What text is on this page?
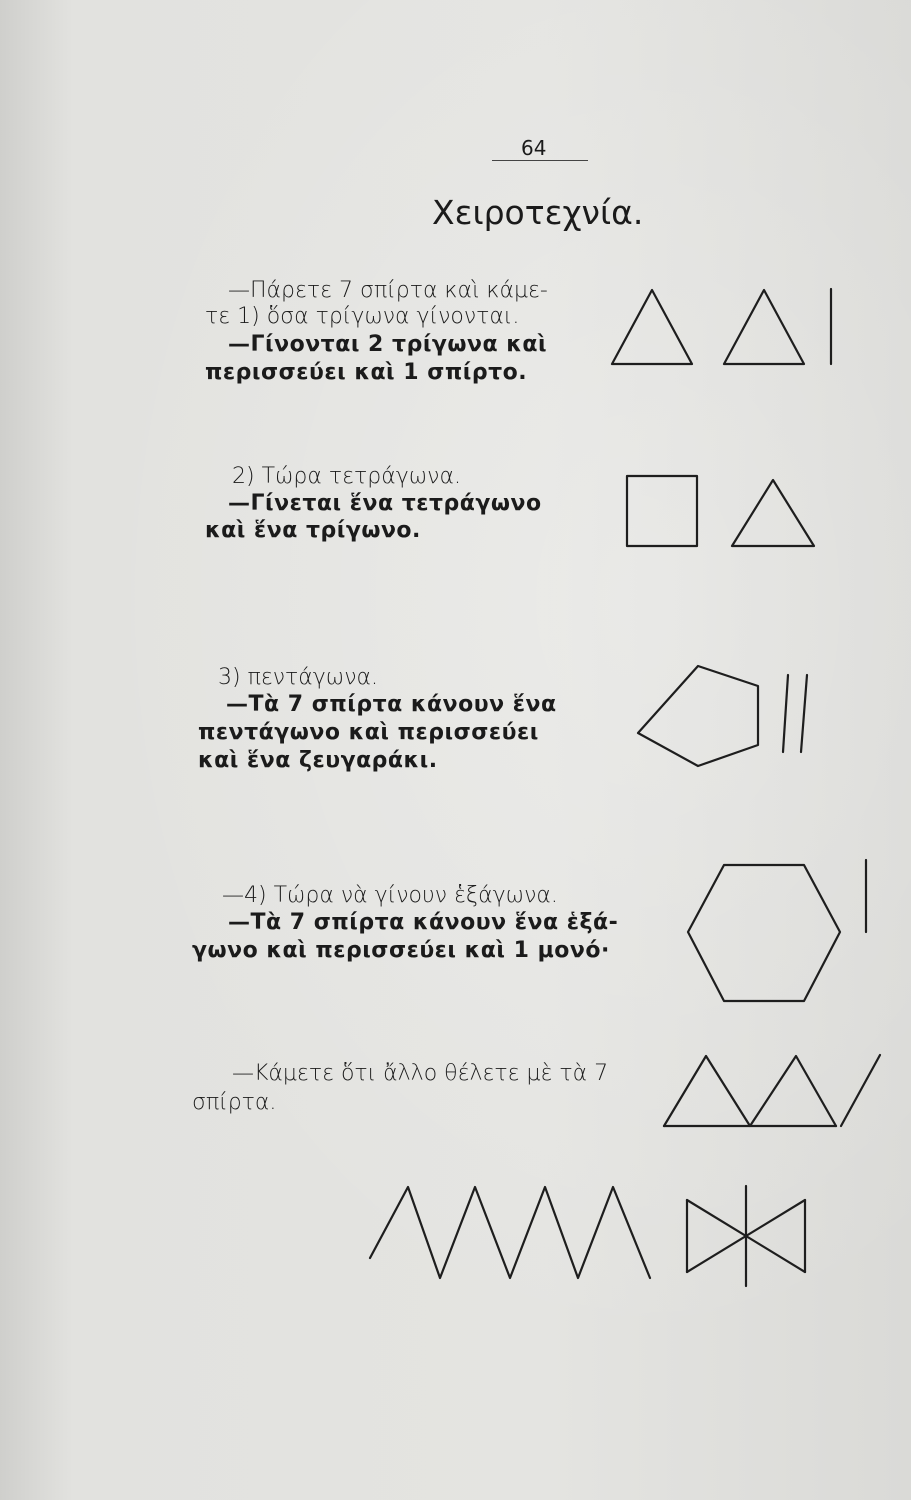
64

Χειροτεχνία.

—Πάρετε 7 σπίρτα καὶ κάμε-

τε 1) ὅσα τρίγωνα γίνονται.

—Γίνονται 2 τρίγωνα καὶ

περισσεύει καὶ 1 σπίρτο.

2) Τώρα τετράγωνα.

—Γίνεται ἕνα τετράγωνο

καὶ ἕνα τρίγωνο.

3) πεντάγωνα.

—Τὰ 7 σπίρτα κάνουν ἕνα

πεντάγωνο καὶ περισσεύει

καὶ ἕνα ζευγαράκι.

—4) Τώρα νὰ γίνουν ἑξάγωνα.

—Τὰ 7 σπίρτα κάνουν ἕνα ἑξά-

γωνο καὶ περισσεύει καὶ 1 μονό·

—Κάμετε ὅτι ἄλλο θέλετε μὲ τὰ 7

σπίρτα.
